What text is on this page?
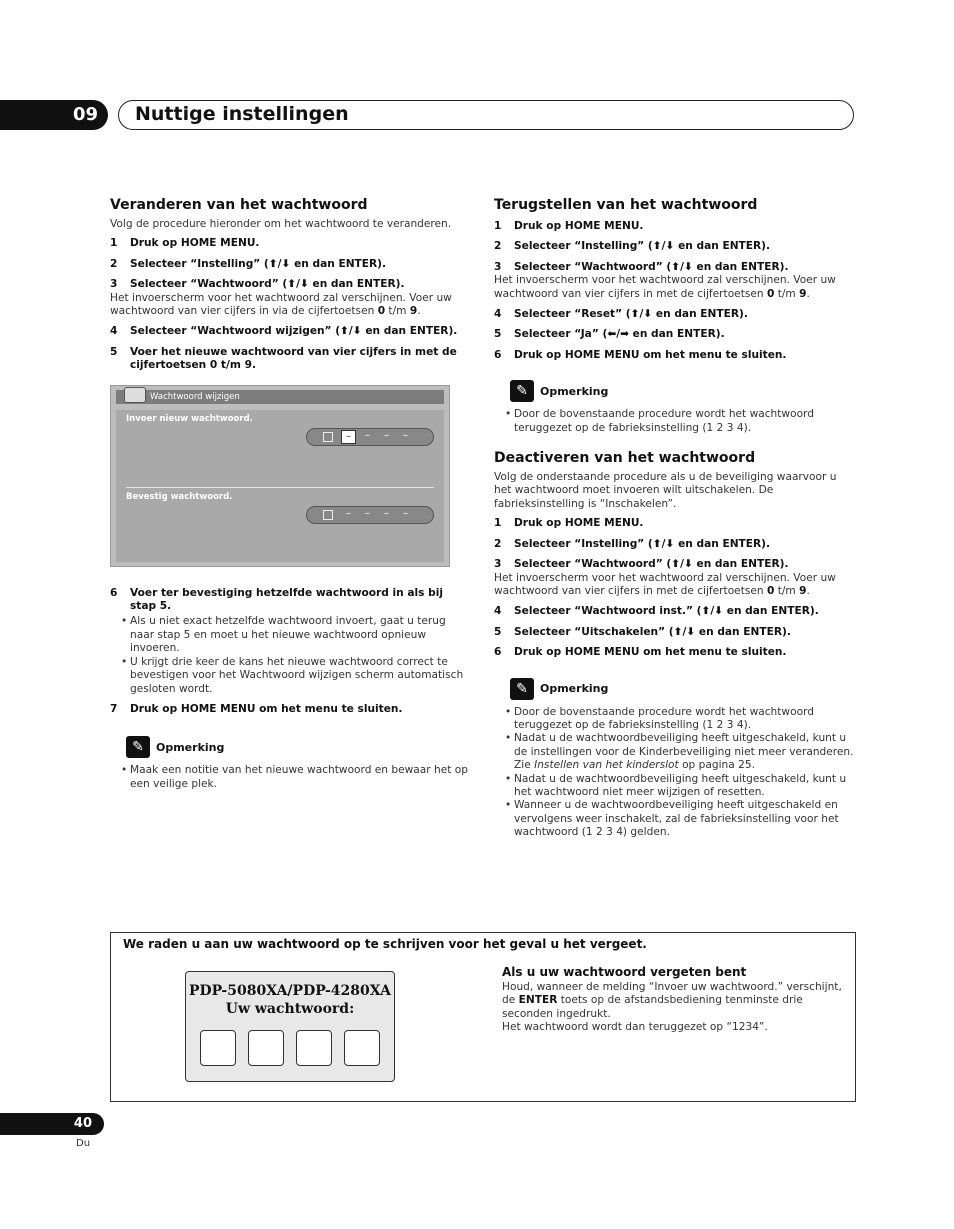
09	Nuttige instellingen
Veranderen van het wachtwoord

Volg de procedure hieronder om het wachtwoord te veranderen.

1	Druk op HOME MENU.
2	Selecteer “Instelling” (⬆/⬇ en dan ENTER).
3	Selecteer “Wachtwoord” (⬆/⬇ en dan ENTER).

Het invoerscherm voor het wachtwoord zal verschijnen. Voer uw wachtwoord van vier cijfers in via de cijfertoetsen 0 t/m 9.

4	Selecteer “Wachtwoord wijzigen” (⬆/⬇ en dan ENTER).
5	Voer het nieuwe wachtwoord van vier cijfers in met de cijfertoetsen 0 t/m 9.
Wachtwoord wijzigen
Invoer nieuw wachtwoord.
–	–	–	–
Bevestig wachtwoord.
–	–	–	–
6	Voer ter bevestiging hetzelfde wachtwoord in als bij stap 5.
• Als u niet exact hetzelfde wachtwoord invoert, gaat u terug naar stap 5 en moet u het nieuwe wachtwoord opnieuw invoeren.
• U krijgt drie keer de kans het nieuwe wachtwoord correct te bevestigen voor het Wachtwoord wijzigen scherm automatisch gesloten wordt.
7	Druk op HOME MENU om het menu te sluiten.
✎	Opmerking
• Maak een notitie van het nieuwe wachtwoord en bewaar het op een veilige plek.
Terugstellen van het wachtwoord
1	Druk op HOME MENU.
2	Selecteer “Instelling” (⬆/⬇ en dan ENTER).
3	Selecteer “Wachtwoord” (⬆/⬇ en dan ENTER).

Het invoerscherm voor het wachtwoord zal verschijnen. Voer uw wachtwoord van vier cijfers in met de cijfertoetsen 0 t/m 9.

4	Selecteer “Reset” (⬆/⬇ en dan ENTER).
5	Selecteer “Ja” (⬅/➡ en dan ENTER).
6	Druk op HOME MENU om het menu te sluiten.
✎	Opmerking
• Door de bovenstaande procedure wordt het wachtwoord teruggezet op de fabrieksinstelling (1 2 3 4).
Deactiveren van het wachtwoord

Volg de onderstaande procedure als u de beveiliging waarvoor u het wachtwoord moet invoeren wilt uitschakelen. De fabrieksinstelling is “Inschakelen”.

1	Druk op HOME MENU.
2	Selecteer “Instelling” (⬆/⬇ en dan ENTER).
3	Selecteer “Wachtwoord” (⬆/⬇ en dan ENTER).

Het invoerscherm voor het wachtwoord zal verschijnen. Voer uw wachtwoord van vier cijfers in met de cijfertoetsen 0 t/m 9.

4	Selecteer “Wachtwoord inst.” (⬆/⬇ en dan ENTER).
5	Selecteer “Uitschakelen” (⬆/⬇ en dan ENTER).
6	Druk op HOME MENU om het menu te sluiten.
✎	Opmerking
• Door de bovenstaande procedure wordt het wachtwoord teruggezet op de fabrieksinstelling (1 2 3 4).
• Nadat u de wachtwoordbeveiliging heeft uitgeschakeld, kunt u de instellingen voor de Kinderbeveiliging niet meer veranderen. Zie Instellen van het kinderslot op pagina 25.
• Nadat u de wachtwoordbeveiliging heeft uitgeschakeld, kunt u het wachtwoord niet meer wijzigen of resetten.
• Wanneer u de wachtwoordbeveiliging heeft uitgeschakeld en vervolgens weer inschakelt, zal de fabrieksinstelling voor het wachtwoord (1 2 3 4) gelden.
We raden u aan uw wachtwoord op te schrijven voor het geval u het vergeet.
PDP-5080XA/PDP-4280XA
Uw wachtwoord:
Als u uw wachtwoord vergeten bent

Houd, wanneer de melding “Invoer uw wachtwoord.” verschijnt, de ENTER toets op de afstandsbediening tenminste drie seconden ingedrukt.

Het wachtwoord wordt dan teruggezet op “1234”.

40
Du
